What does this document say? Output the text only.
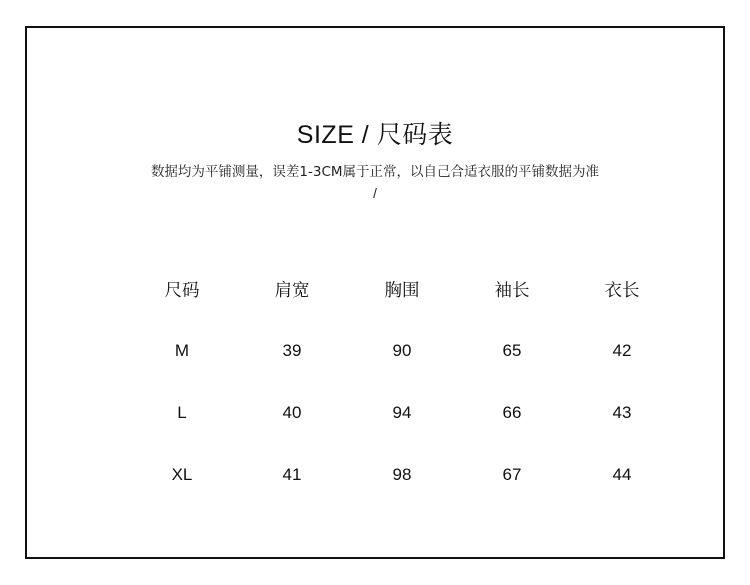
SIZE / 尺码表
数据均为平铺测量，误差1-3CM属于正常，以自己合适衣服的平铺数据为准
/
尺码	肩宽	胸围	袖长	衣长
M	39	90	65	42
L	40	94	66	43
XL	41	98	67	44
